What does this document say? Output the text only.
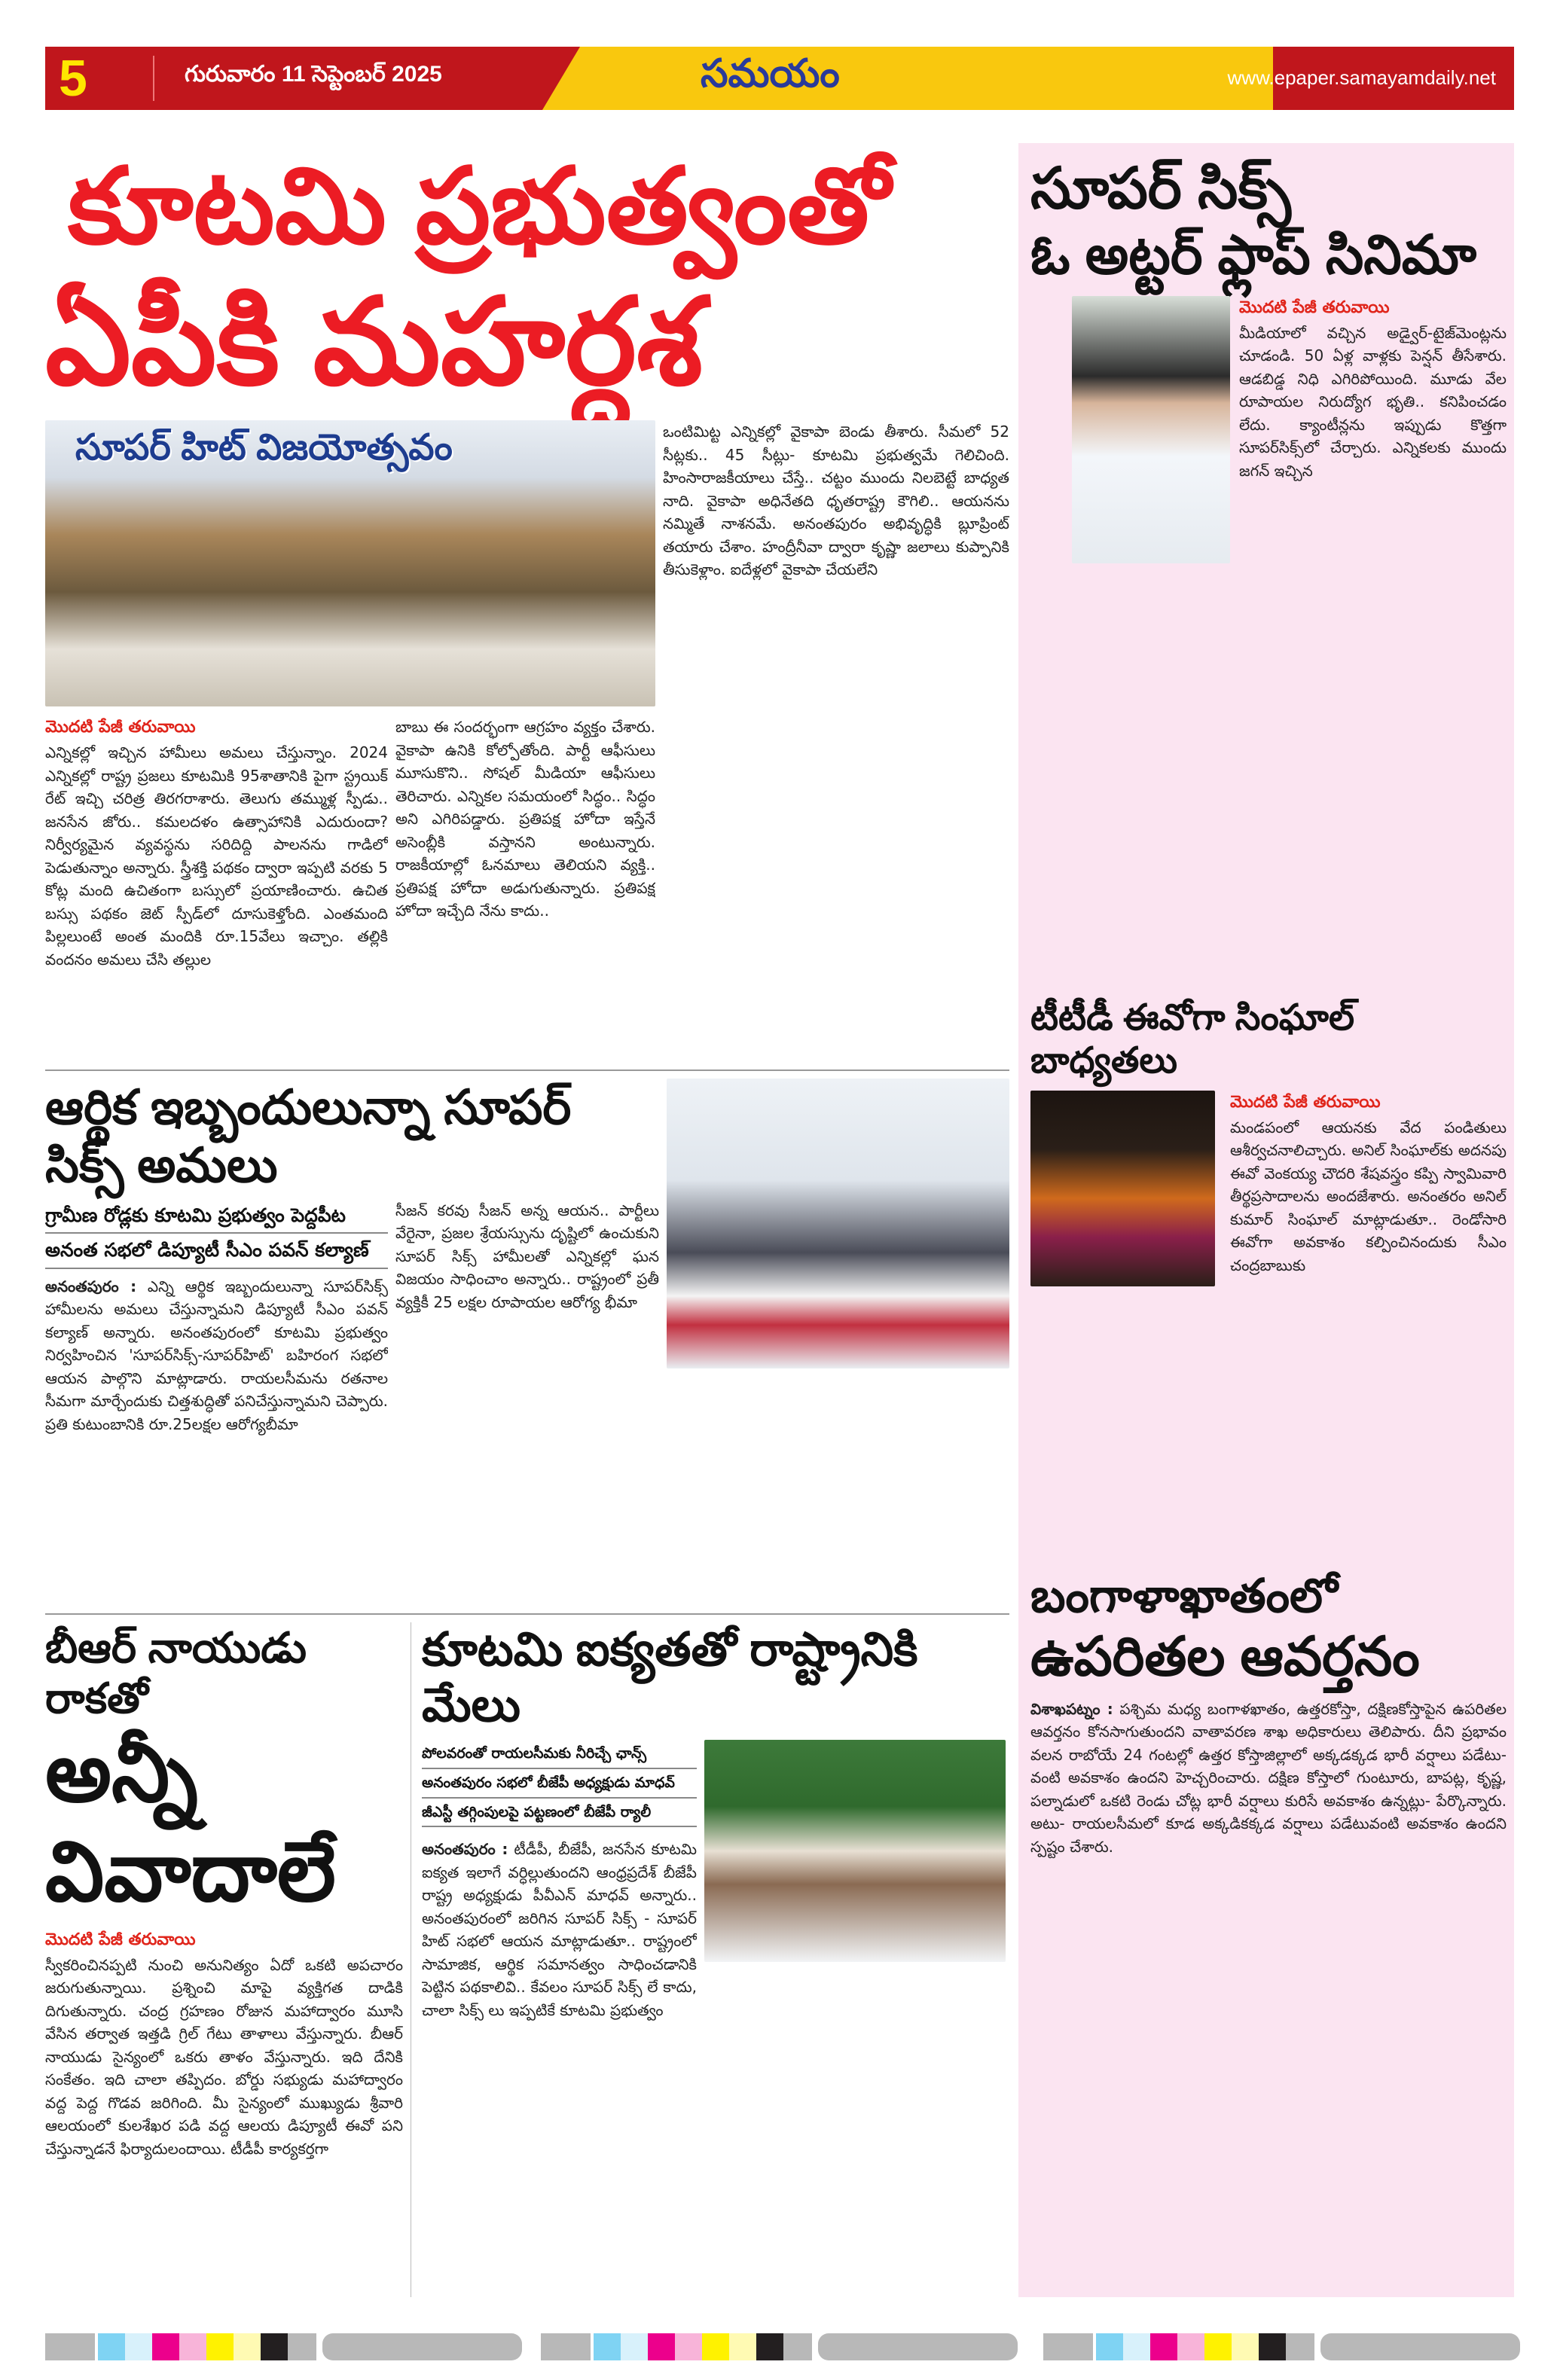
5	గురువారం 11 సెప్టెంబర్ 2025	సమయం	www.epaper.samayamdaily.net
కూటమి ప్రభుత్వంతో
ఏపీకి మహర్దశ
సూపర్ హిట్ విజయోత్సవం	ఒంటిమిట్ట ఎన్నికల్లో వైకాపా బెండు తీశారు. సీమలో 52 సీట్లకు.. 45 సీట్లు- కూటమి ప్రభుత్వమే గెలిచింది. హింసారాజకీయాలు చేస్తే.. చట్టం ముందు నిలబెట్టే బాధ్యత నాది. వైకాపా అధినేతది ధృతరాష్ట్ర కౌగిలి.. ఆయనను నమ్మితే నాశనమే. అనంతపురం అభివృద్ధికి బ్లూప్రింట్ తయారు చేశాం. హంద్రీనీవా ద్వారా కృష్ణా జలాలు కుప్పానికి తీసుకెళ్లాం. ఐదేళ్లలో వైకాపా చేయలేని
మొదటి పేజీ తరువాయి
ఎన్నికల్లో ఇచ్చిన హామీలు అమలు చేస్తున్నాం. 2024 ఎన్నికల్లో రాష్ట్ర ప్రజలు కూటమికి 95శాతానికి పైగా స్ట్రయిక్ రేట్ ఇచ్చి చరిత్ర తిరగరాశారు. తెలుగు తమ్ముళ్ల స్పీడు.. జనసేన జోరు.. కమలదళం ఉత్సాహానికి ఎదురుందా? నిర్వీర్యమైన వ్యవస్థను సరిదిద్ది పాలనను గాడిలో పెడుతున్నాం అన్నారు. స్త్రీశక్తి పథకం ద్వారా ఇప్పటి వరకు 5 కోట్ల మంది ఉచితంగా బస్సులో ప్రయాణించారు. ఉచిత బస్సు పథకం జెట్ స్పీడ్‌లో దూసుకెళ్తోంది. ఎంతమంది పిల్లలుంటే అంత మందికి రూ.15వేలు ఇచ్చాం. తల్లికి వందనం అమలు చేసి తల్లుల
బాబు ఈ సందర్భంగా ఆగ్రహం వ్యక్తం చేశారు. వైకాపా ఉనికి కోల్పోతోంది. పార్టీ ఆఫీసులు మూసుకొని.. సోషల్ మీడియా ఆఫీసులు తెరిచారు. ఎన్నికల సమయంలో సిద్ధం.. సిద్ధం అని ఎగిరిపడ్డారు. ప్రతిపక్ష హోదా ఇస్తేనే అసెంబ్లీకి వస్తానని అంటున్నారు. రాజకీయాల్లో ఓనమాలు తెలియని వ్యక్తి.. ప్రతిపక్ష హోదా అడుగుతున్నారు. ప్రతిపక్ష హోదా ఇచ్చేది నేను కాదు..
ఆర్థిక ఇబ్బందులున్నా సూపర్ సిక్స్ అమలు
గ్రామీణ రోడ్లకు కూటమి ప్రభుత్వం పెద్దపీట
అనంత సభలో డిప్యూటీ సీఎం పవన్ కల్యాణ్
అనంతపురం : ఎన్ని ఆర్థిక ఇబ్బందులున్నా సూపర్‌సిక్స్ హామీలను అమలు చేస్తున్నామని డిప్యూటీ సీఎం పవన్ కల్యాణ్ అన్నారు. అనంతపురంలో కూటమి ప్రభుత్వం నిర్వహించిన 'సూపర్‌సిక్స్-సూపర్‌హిట్' బహిరంగ సభలో ఆయన పాల్గొని మాట్లాడారు. రాయలసీమను రతనాల సీమగా మార్చేందుకు చిత్తశుద్ధితో పనిచేస్తున్నామని చెప్పారు. ప్రతి కుటుంబానికి రూ.25లక్షల ఆరోగ్యబీమా
సీజన్ కరవు సీజన్ అన్న ఆయన.. పార్టీలు వేరైనా, ప్రజల శ్రేయస్సును దృష్టిలో ఉంచుకుని సూపర్ సిక్స్ హామీలతో ఎన్నికల్లో ఘన విజయం సాధించాం అన్నారు.. రాష్ట్రంలో ప్రతీ వ్యక్తికీ 25 లక్షల రూపాయల ఆరోగ్య భీమా
బీఆర్ నాయుడు రాకతో
అన్నీ వివాదాలే
మొదటి పేజీ తరువాయి
స్వీకరించినప్పటి నుంచి అనునిత్యం ఏదో ఒకటి అపచారం జరుగుతున్నాయి. ప్రశ్నించి మాపై వ్యక్తిగత దాడికి దిగుతున్నారు. చంద్ర గ్రహణం రోజున మహాద్వారం మూసి వేసిన తర్వాత ఇత్తడి గ్రిల్ గేటు తాళాలు వేస్తున్నారు. బీఆర్ నాయుడు సైన్యంలో ఒకరు తాళం వేస్తున్నారు. ఇది దేనికి సంకేతం. ఇది చాలా తప్పిదం. బోర్డు సభ్యుడు మహాద్వారం వద్ద పెద్ద గొడవ జరిగింది. మీ సైన్యంలో ముఖ్యుడు శ్రీవారి ఆలయంలో కులశేఖర పడి వద్ద ఆలయ డిప్యూటీ ఈవో పని చేస్తున్నాడనే ఫిర్యాదులందాయి. టీడీపీ కార్యకర్తగా
కూటమి ఐక్యతతో రాష్ట్రానికి మేలు
పోలవరంతో రాయలసీమకు నీరిచ్చే ఛాన్స్
అనంతపురం సభలో బీజేపీ అధ్యక్షుడు మాధవ్
జీఎస్టీ తగ్గింపులపై పట్టణంలో బీజేపీ ర్యాలీ
అనంతపురం : టీడీపీ, బీజేపీ, జనసేన కూటమి ఐక్యత ఇలాగే వర్ధిల్లుతుందని ఆంధ్రప్రదేశ్ బీజేపీ రాష్ట్ర అధ్యక్షుడు పీవీఎన్ మాధవ్ అన్నారు.. అనంతపురంలో జరిగిన సూపర్ సిక్స్ - సూపర్ హిట్ సభలో ఆయన మాట్లాడుతూ.. రాష్ట్రంలో సామాజిక, ఆర్థిక సమానత్వం సాధించడానికి పెట్టిన పథకాలివి.. కేవలం సూపర్ సిక్స్ లే కాదు, చాలా సిక్స్ లు ఇప్పటికే కూటమి ప్రభుత్వం
సూపర్ సిక్స్
ఓ అట్టర్ ఫ్లాప్ సినిమా
మొదటి పేజీ తరువాయి
మీడియాలో వచ్చిన అడ్వైర్-టైజ్‌మెంట్లను చూడండి. 50 ఏళ్ల వాళ్లకు పెన్షన్ తీసేశారు. ఆడబిడ్డ నిధి ఎగిరిపోయింది. మూడు వేల రూపాయల నిరుద్యోగ భృతి.. కనిపించడం లేదు. క్యాంటీన్లను ఇప్పుడు కొత్తగా సూపర్‌సిక్స్‌లో చేర్చారు. ఎన్నికలకు ముందు జగన్ ఇచ్చిన
టీటీడీ ఈవోగా సింఘాల్ బాధ్యతలు
మొదటి పేజీ తరువాయి
మండపంలో ఆయనకు వేద పండితులు ఆశీర్వచనాలిచ్చారు. అనిల్ సింఘాల్‌కు అదనపు ఈవో వెంకయ్య చౌదరి శేషవస్త్రం కప్పి స్వామివారి తీర్థప్రసాదాలను అందజేశారు. అనంతరం అనిల్ కుమార్ సింఘాల్ మాట్లాడుతూ.. రెండోసారి ఈవోగా అవకాశం కల్పించినందుకు సీఎం చంద్రబాబుకు
బంగాళాఖాతంలో
ఉపరితల ఆవర్తనం
విశాఖపట్నం : పశ్చిమ మధ్య బంగాళఖాతం, ఉత్తరకోస్తా, దక్షిణకోస్తాపైన ఉపరితల ఆవర్తనం కోనసాగుతుందని వాతావరణ శాఖ అధికారులు తెలిపారు. దీని ప్రభావం వలన రాబోయే 24 గంటల్లో ఉత్తర కోస్తాజిల్లాలో అక్కడక్కడ భారీ వర్షాలు పడేటు-వంటి అవకాశం ఉందని హెచ్చరించారు. దక్షిణ కోస్తాలో గుంటూరు, బాపట్ల, కృష్ణ, పల్నాడులో ఒకటి రెండు చోట్ల భారీ వర్షాలు కురిసే అవకాశం ఉన్నట్లు- పేర్కొన్నారు. అటు- రాయలసీమలో కూడ అక్కడికక్కడ వర్షాలు పడేటువంటి అవకాశం ఉందని స్పష్టం చేశారు.
